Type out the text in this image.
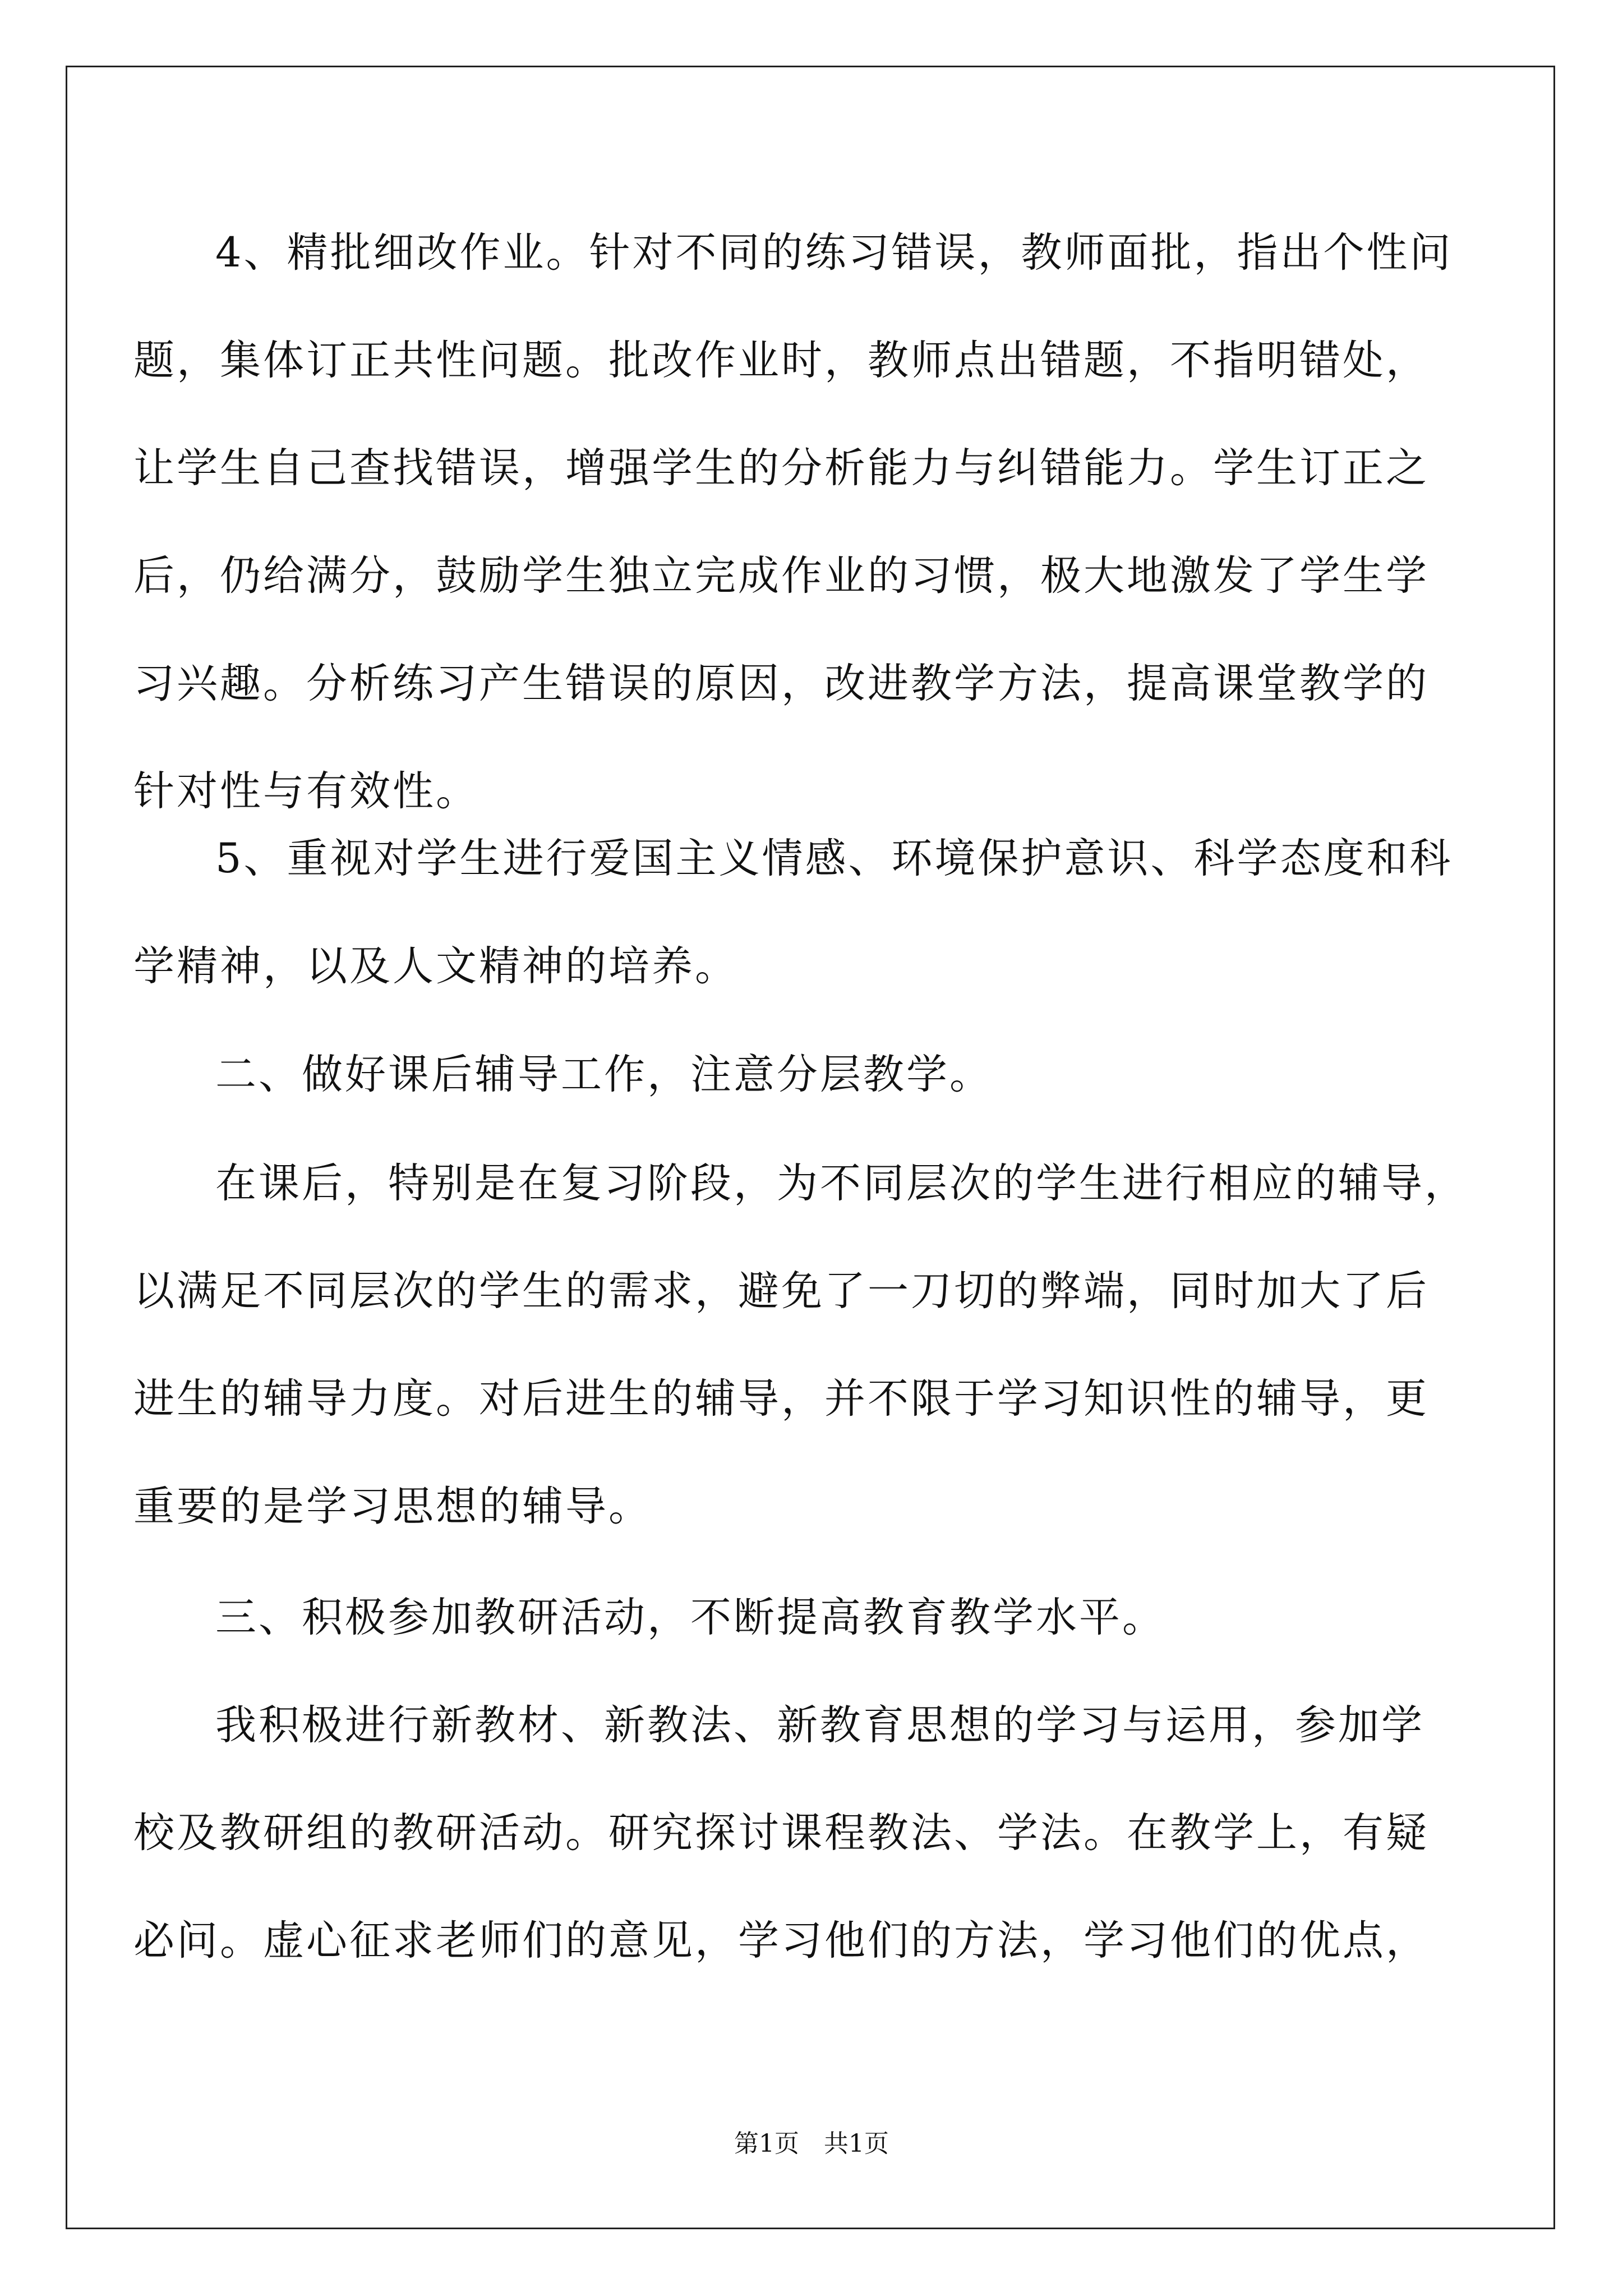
4、精批细改作业。针对不同的练习错误，教师面批，指出个性问
题，集体订正共性问题。批改作业时，教师点出错题，不指明错处，
让学生自己查找错误，增强学生的分析能力与纠错能力。学生订正之
后，仍给满分，鼓励学生独立完成作业的习惯，极大地激发了学生学
习兴趣。分析练习产生错误的原因，改进教学方法，提高课堂教学的
针对性与有效性。

5、重视对学生进行爱国主义情感、环境保护意识、科学态度和科
学精神，以及人文精神的培养。

二、做好课后辅导工作，注意分层教学。

在课后，特别是在复习阶段，为不同层次的学生进行相应的辅导，
以满足不同层次的学生的需求，避免了一刀切的弊端，同时加大了后
进生的辅导力度。对后进生的辅导，并不限于学习知识性的辅导，更
重要的是学习思想的辅导。

三、积极参加教研活动，不断提高教育教学水平。

我积极进行新教材、新教法、新教育思想的学习与运用，参加学
校及教研组的教研活动。研究探讨课程教法、学法。在教学上，有疑
必问。虚心征求老师们的意见，学习他们的方法，学习他们的优点，

第1页　共1页
